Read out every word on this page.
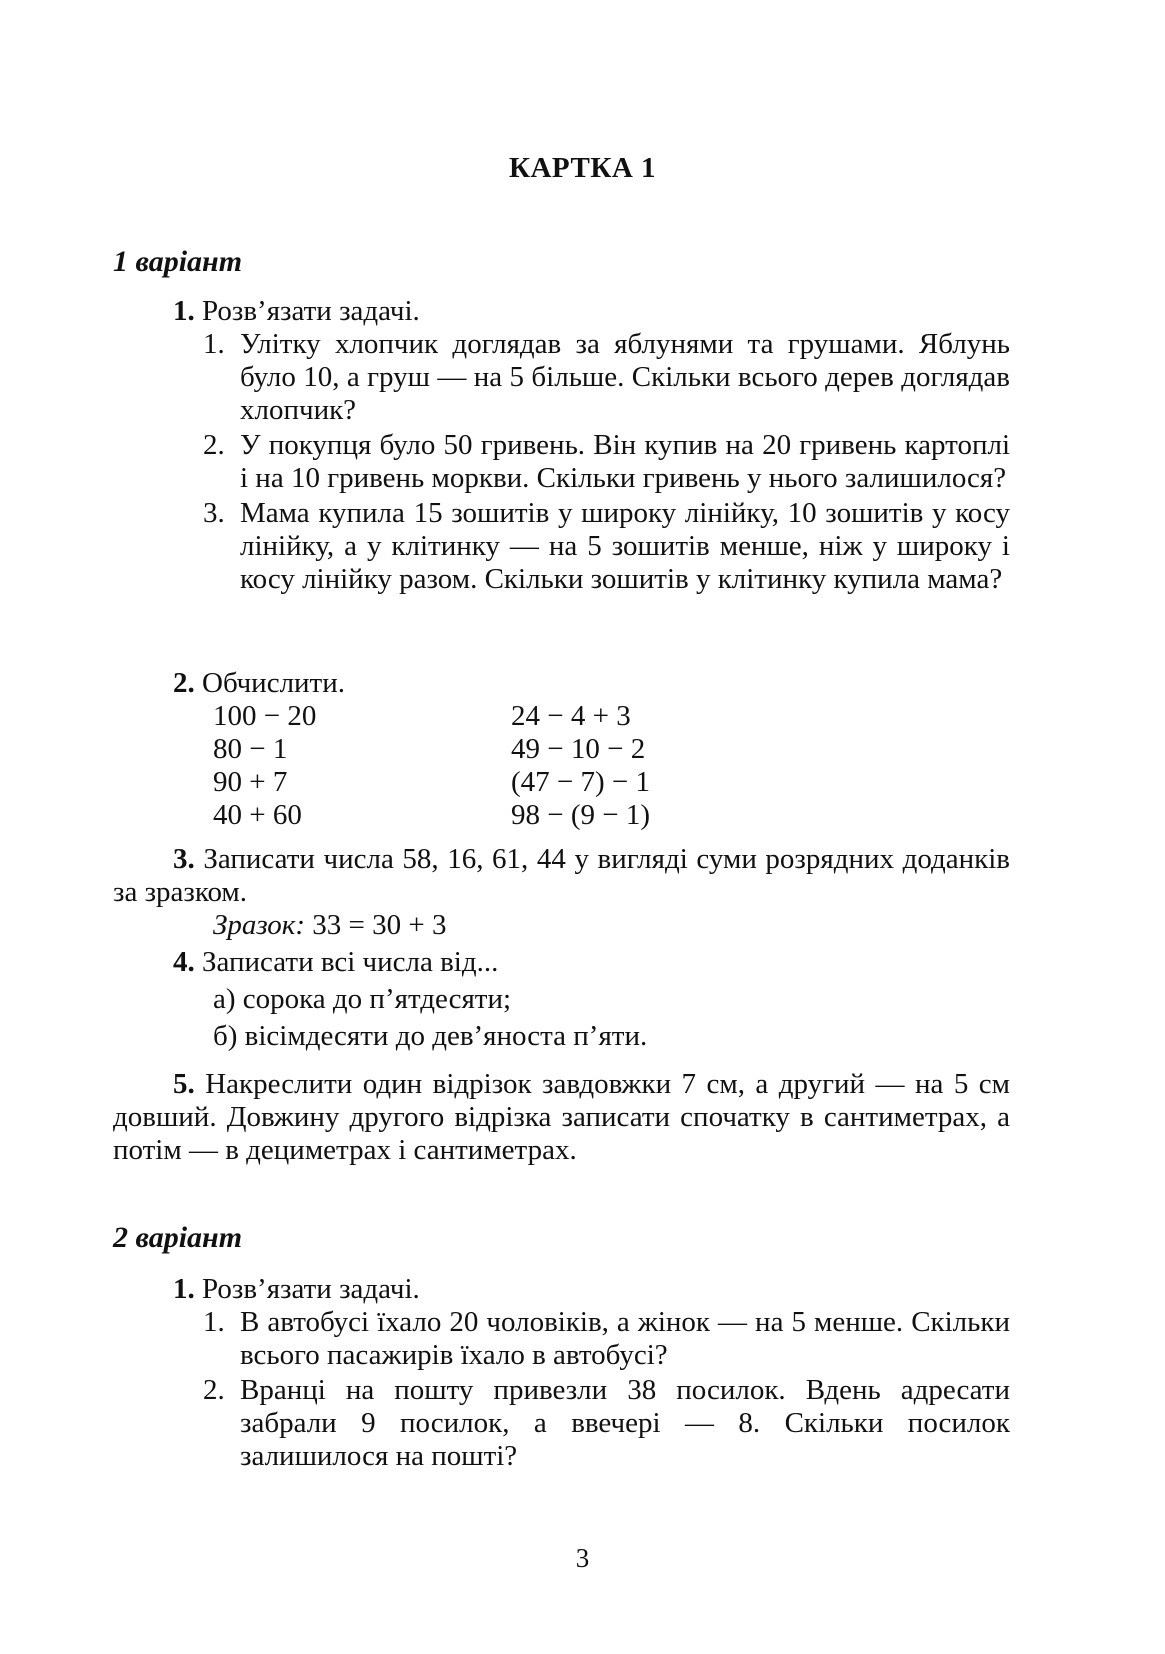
КАРТКА 1
1 варіант
1. Розв’язати задачі.
1. Улітку хлопчик доглядав за яблунями та грушами. Яблунь було 10, а груш — на 5 більше. Скільки всього дерев доглядав хлопчик?
2. У покупця було 50 гривень. Він купив на 20 гривень картоплі і на 10 гривень моркви. Скільки гривень у нього залишилося?
3. Мама купила 15 зошитів у широку лінійку, 10 зошитів у косу лінійку, а у клітинку — на 5 зошитів менше, ніж у широку і косу лінійку разом. Скільки зошитів у клітинку купила мама?
2. Обчислити.
100 − 20	24 − 4 + 3
80 − 1	49 − 10 − 2
90 + 7	(47 − 7) − 1
40 + 60	98 − (9 − 1)
3. Записати числа 58, 16, 61, 44 у вигляді суми розрядних доданків за зразком.
Зразок: 33 = 30 + 3
4. Записати всі числа від...
а) сорока до п’ятдесяти;
б) вісімдесяти до дев’яноста п’яти.
5. Накреслити один відрізок завдовжки 7 см, а другий — на 5 см довший. Довжину другого відрізка записати спочатку в сантиметрах, а потім — в дециметрах і сантиметрах.
2 варіант
1. Розв’язати задачі.
1. В автобусі їхало 20 чоловіків, а жінок — на 5 менше. Скільки всього пасажирів їхало в автобусі?
2. Вранці на пошту привезли 38 посилок. Вдень адресати забрали 9 посилок, а ввечері — 8. Скільки посилок залишилося на пошті?
3
